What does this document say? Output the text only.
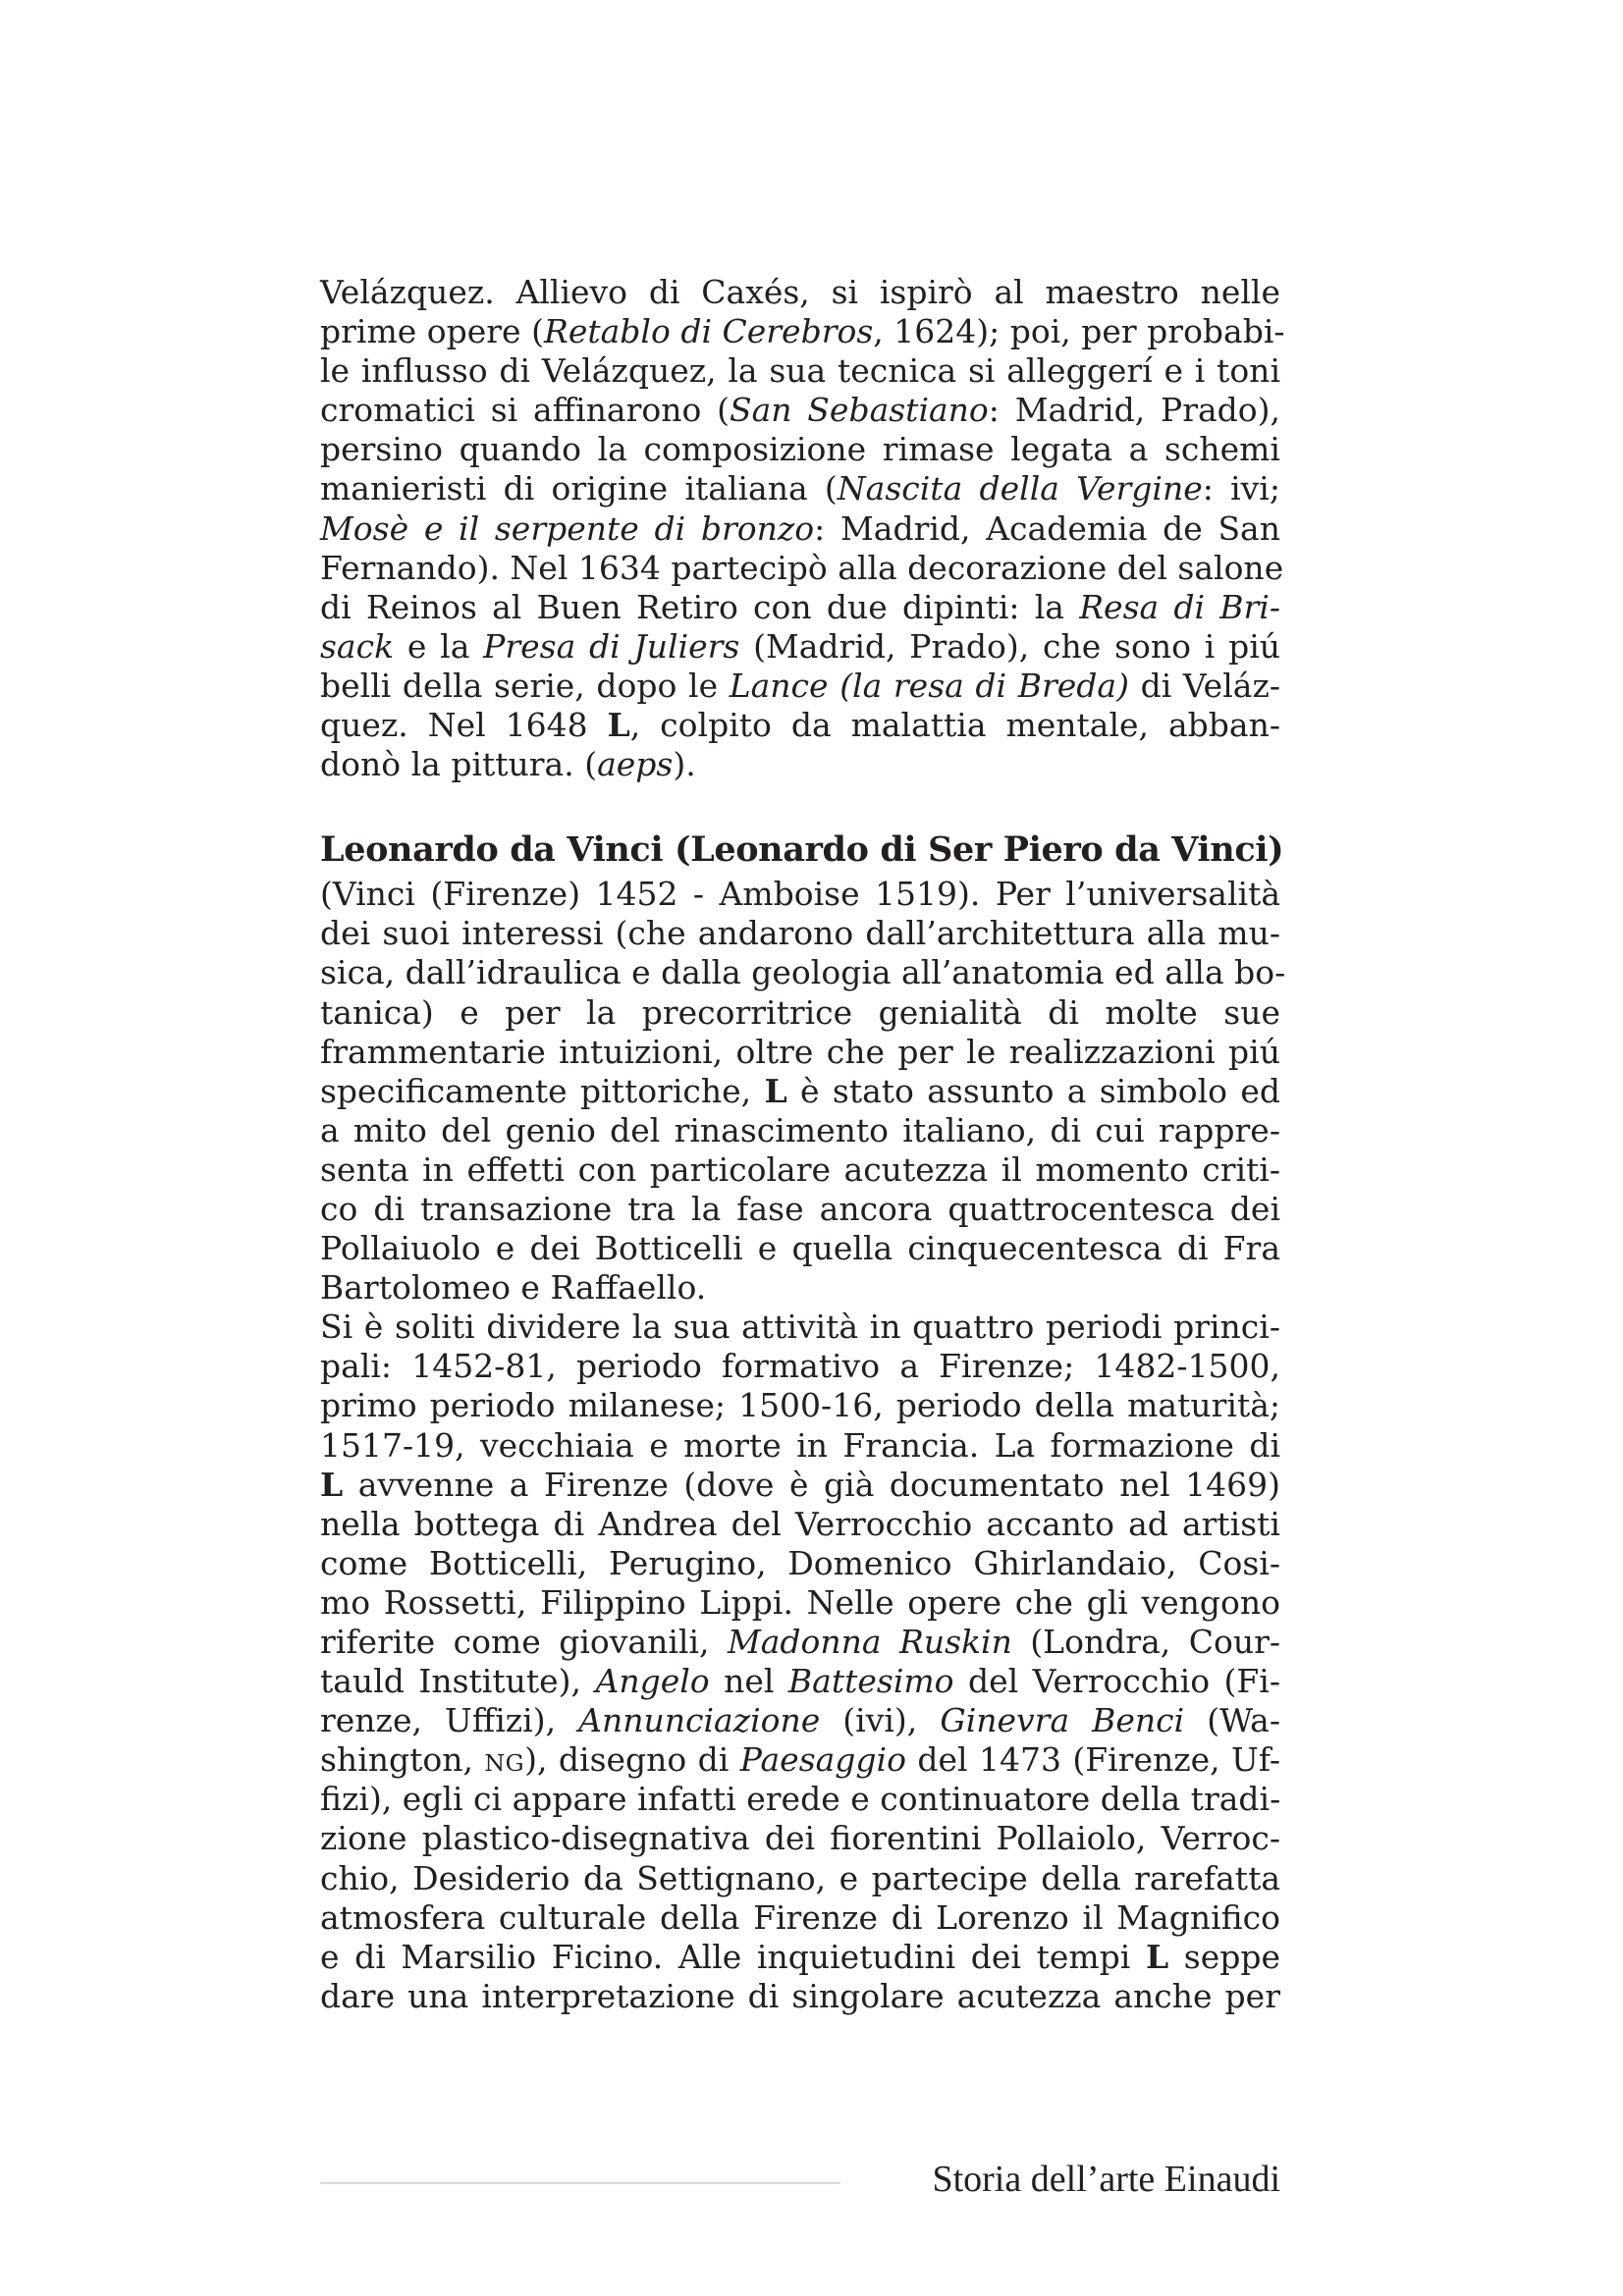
Velázquez. Allievo di Caxés, si ispirò al maestro nelle
prime opere (Retablo di Cerebros, 1624); poi, per probabi-
le influsso di Velázquez, la sua tecnica si alleggerí e i toni
cromatici si affinarono (San Sebastiano: Madrid, Prado),
persino quando la composizione rimase legata a schemi
manieristi di origine italiana (Nascita della Vergine: ivi;
Mosè e il serpente di bronzo: Madrid, Academia de San
Fernando). Nel 1634 partecipò alla decorazione del salone
di Reinos al Buen Retiro con due dipinti: la Resa di Bri-
sack e la Presa di Juliers (Madrid, Prado), che sono i piú
belli della serie, dopo le Lance (la resa di Breda) di Veláz-
quez. Nel 1648 L, colpito da malattia mentale, abban-
donò la pittura. (aeps).
Leonardo da Vinci (Leonardo di Ser Piero da Vinci)
(Vinci (Firenze) 1452 - Amboise 1519). Per l’universalità
dei suoi interessi (che andarono dall’architettura alla mu-
sica, dall’idraulica e dalla geologia all’anatomia ed alla bo-
tanica) e per la precorritrice genialità di molte sue
frammentarie intuizioni, oltre che per le realizzazioni piú
specificamente pittoriche, L è stato assunto a simbolo ed
a mito del genio del rinascimento italiano, di cui rappre-
senta in effetti con particolare acutezza il momento criti-
co di transazione tra la fase ancora quattrocentesca dei
Pollaiuolo e dei Botticelli e quella cinquecentesca di Fra
Bartolomeo e Raffaello.
Si è soliti dividere la sua attività in quattro periodi princi-
pali: 1452-81, periodo formativo a Firenze; 1482-1500,
primo periodo milanese; 1500-16, periodo della maturità;
1517-19, vecchiaia e morte in Francia. La formazione di
L avvenne a Firenze (dove è già documentato nel 1469)
nella bottega di Andrea del Verrocchio accanto ad artisti
come Botticelli, Perugino, Domenico Ghirlandaio, Cosi-
mo Rossetti, Filippino Lippi. Nelle opere che gli vengono
riferite come giovanili, Madonna Ruskin (Londra, Cour-
tauld Institute), Angelo nel Battesimo del Verrocchio (Fi-
renze, Uffizi), Annunciazione (ivi), Ginevra Benci (Wa-
shington, NG), disegno di Paesaggio del 1473 (Firenze, Uf-
fizi), egli ci appare infatti erede e continuatore della tradi-
zione plastico-disegnativa dei fiorentini Pollaiolo, Verroc-
chio, Desiderio da Settignano, e partecipe della rarefatta
atmosfera culturale della Firenze di Lorenzo il Magnifico
e di Marsilio Ficino. Alle inquietudini dei tempi L seppe
dare una interpretazione di singolare acutezza anche per
Storia dell’arte Einaudi
